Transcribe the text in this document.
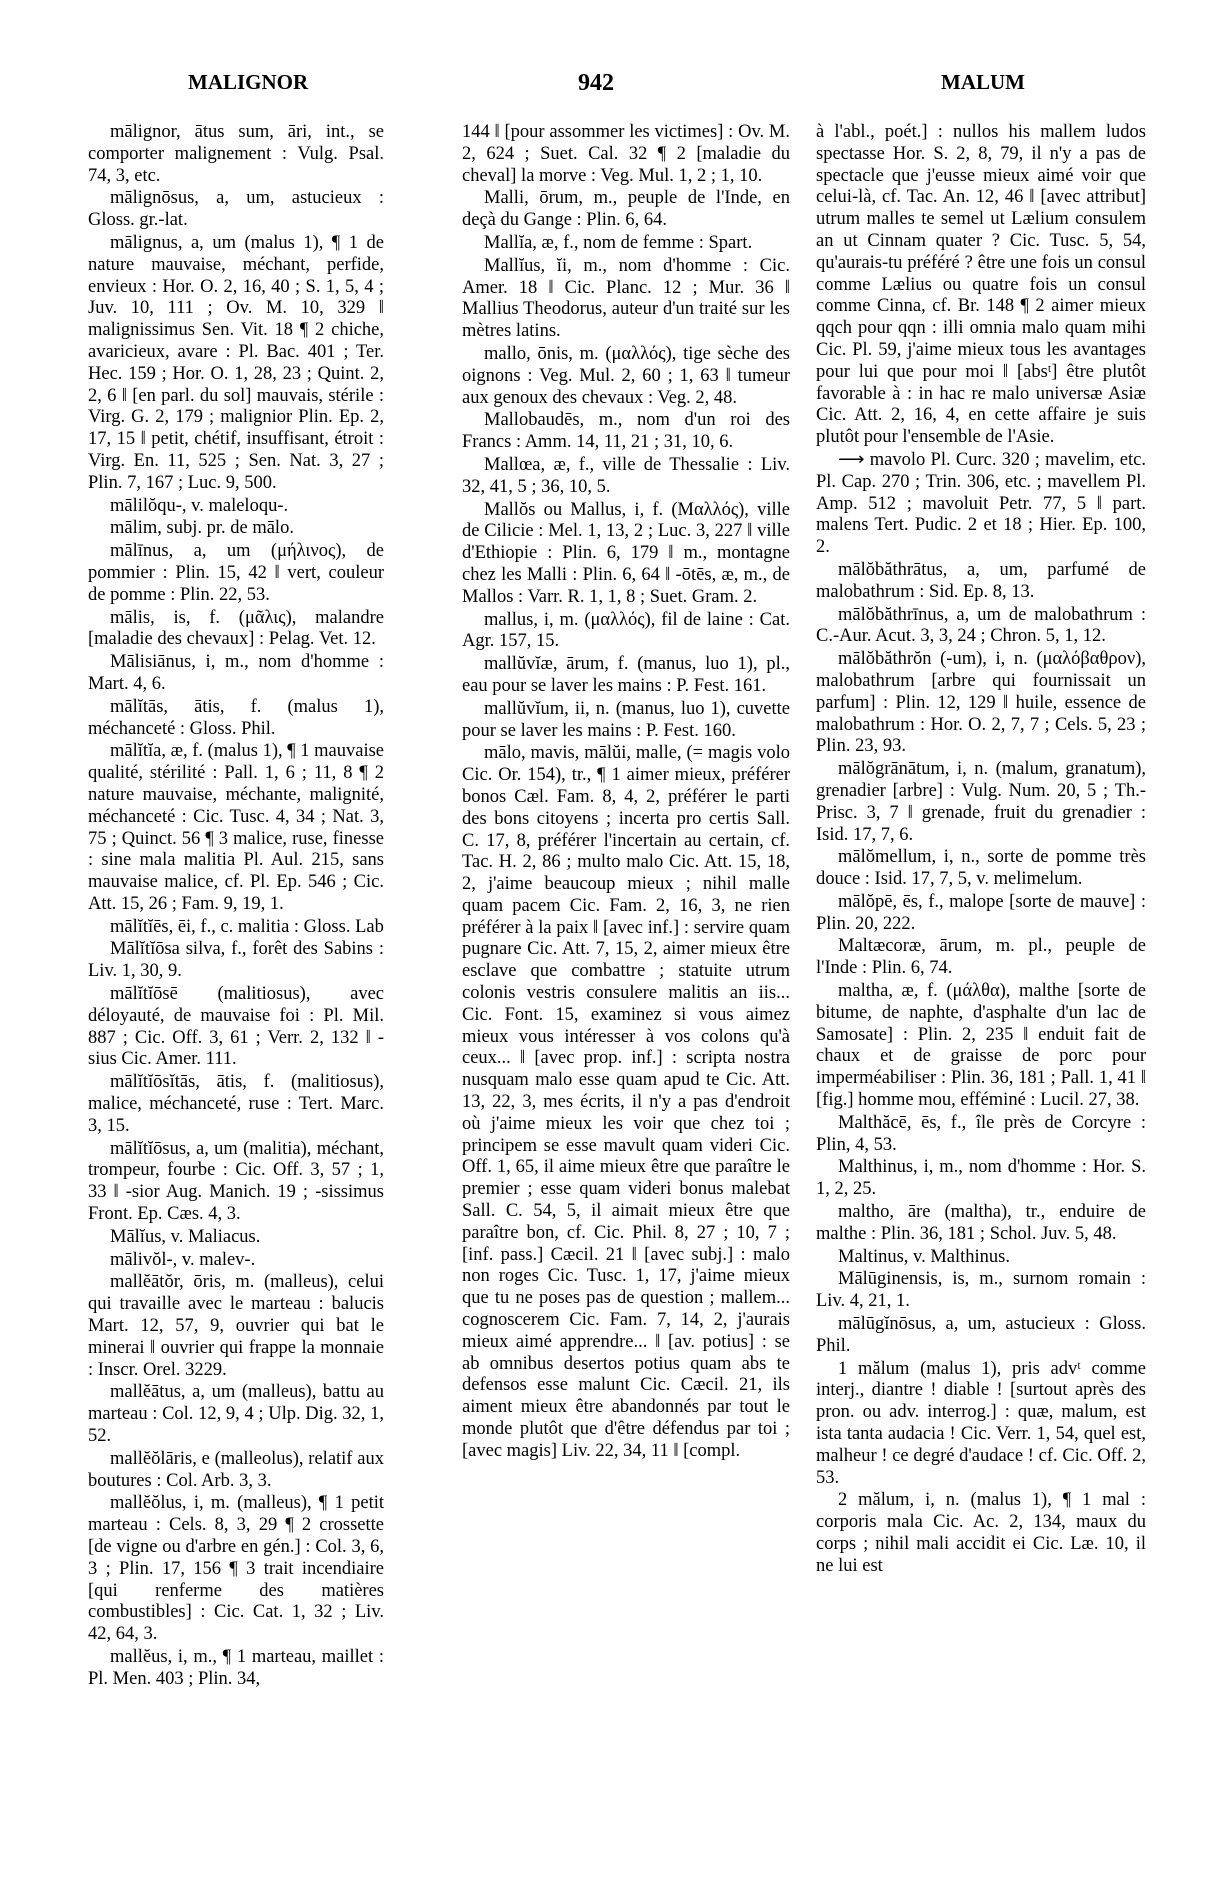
MALIGNOR	942	MALUM

mālignor, ātus sum, āri, int., se comporter malignement : Vulg. Psal. 74, 3, etc.

mālignōsus, a, um, astucieux : Gloss. gr.-lat.

mālignus, a, um (malus 1), ¶ 1 de nature mauvaise, méchant, perfide, envieux : Hor. O. 2, 16, 40 ; S. 1, 5, 4 ; Juv. 10, 111 ; Ov. M. 10, 329 ‖ malignissimus Sen. Vit. 18 ¶ 2 chiche, avaricieux, avare : Pl. Bac. 401 ; Ter. Hec. 159 ; Hor. O. 1, 28, 23 ; Quint. 2, 2, 6 ‖ [en parl. du sol] mauvais, stérile : Virg. G. 2, 179 ; malignior Plin. Ep. 2, 17, 15 ‖ petit, chétif, insuffisant, étroit : Virg. En. 11, 525 ; Sen. Nat. 3, 27 ; Plin. 7, 167 ; Luc. 9, 500.

mālilŏqu-, v. maleloqu-.

mālim, subj. pr. de mālo.

mālīnus, a, um (μήλινος), de pommier : Plin. 15, 42 ‖ vert, couleur de pomme : Plin. 22, 53.

mālis, is, f. (μᾶλις), malandre [maladie des chevaux] : Pelag. Vet. 12.

Mālisiānus, i, m., nom d'homme : Mart. 4, 6.

mālĭtās, ātis, f. (malus 1), méchanceté : Gloss. Phil.

mālĭtĭa, æ, f. (malus 1), ¶ 1 mauvaise qualité, stérilité : Pall. 1, 6 ; 11, 8 ¶ 2 nature mauvaise, méchante, malignité, méchanceté : Cic. Tusc. 4, 34 ; Nat. 3, 75 ; Quinct. 56 ¶ 3 malice, ruse, finesse : sine mala malitia Pl. Aul. 215, sans mauvaise malice, cf. Pl. Ep. 546 ; Cic. Att. 15, 26 ; Fam. 9, 19, 1.

mālĭtĭēs, ēi, f., c. malitia : Gloss. Lab

Mālĭtĭōsa silva, f., forêt des Sabins : Liv. 1, 30, 9.

mālĭtĭōsē (malitiosus), avec déloyauté, de mauvaise foi : Pl. Mil. 887 ; Cic. Off. 3, 61 ; Verr. 2, 132 ‖ -sius Cic. Amer. 111.

mālĭtĭōsĭtās, ātis, f. (malitiosus), malice, méchanceté, ruse : Tert. Marc. 3, 15.

mālĭtĭōsus, a, um (malitia), méchant, trompeur, fourbe : Cic. Off. 3, 57 ; 1, 33 ‖ -sior Aug. Manich. 19 ; -sissimus Front. Ep. Cæs. 4, 3.

Mālĭus, v. Maliacus.

mālivŏl-, v. malev-.

mallĕātŏr, ōris, m. (malleus), celui qui travaille avec le marteau : balucis Mart. 12, 57, 9, ouvrier qui bat le minerai ‖ ouvrier qui frappe la monnaie : Inscr. Orel. 3229.

mallĕātus, a, um (malleus), battu au marteau : Col. 12, 9, 4 ; Ulp. Dig. 32, 1, 52.

mallĕŏlāris, e (malleolus), relatif aux boutures : Col. Arb. 3, 3.

mallĕŏlus, i, m. (malleus), ¶ 1 petit marteau : Cels. 8, 3, 29 ¶ 2 crossette [de vigne ou d'arbre en gén.] : Col. 3, 6, 3 ; Plin. 17, 156 ¶ 3 trait incendiaire [qui renferme des matières combustibles] : Cic. Cat. 1, 32 ; Liv. 42, 64, 3.

mallĕus, i, m., ¶ 1 marteau, maillet : Pl. Men. 403 ; Plin. 34,

144 ‖ [pour assommer les victimes] : Ov. M. 2, 624 ; Suet. Cal. 32 ¶ 2 [maladie du cheval] la morve : Veg. Mul. 1, 2 ; 1, 10.

Malli, ōrum, m., peuple de l'Inde, en deçà du Gange : Plin. 6, 64.

Mallĭa, æ, f., nom de femme : Spart.

Mallĭus, ĭi, m., nom d'homme : Cic. Amer. 18 ‖ Cic. Planc. 12 ; Mur. 36 ‖ Mallius Theodorus, auteur d'un traité sur les mètres latins.

mallo, ōnis, m. (μαλλός), tige sèche des oignons : Veg. Mul. 2, 60 ; 1, 63 ‖ tumeur aux genoux des chevaux : Veg. 2, 48.

Mallobaudēs, m., nom d'un roi des Francs : Amm. 14, 11, 21 ; 31, 10, 6.

Mallœa, æ, f., ville de Thessalie : Liv. 32, 41, 5 ; 36, 10, 5.

Mallŏs ou Mallus, i, f. (Μαλλός), ville de Cilicie : Mel. 1, 13, 2 ; Luc. 3, 227 ‖ ville d'Ethiopie : Plin. 6, 179 ‖ m., montagne chez les Malli : Plin. 6, 64 ‖ -ōtēs, æ, m., de Mallos : Varr. R. 1, 1, 8 ; Suet. Gram. 2.

mallus, i, m. (μαλλός), fil de laine : Cat. Agr. 157, 15.

mallŭvĭæ, ārum, f. (manus, luo 1), pl., eau pour se laver les mains : P. Fest. 161.

mallŭvĭum, ii, n. (manus, luo 1), cuvette pour se laver les mains : P. Fest. 160.

mālo, mavis, mālŭi, malle, (= magis volo Cic. Or. 154), tr., ¶ 1 aimer mieux, préférer bonos Cæl. Fam. 8, 4, 2, préférer le parti des bons citoyens ; incerta pro certis Sall. C. 17, 8, préférer l'incertain au certain, cf. Tac. H. 2, 86 ; multo malo Cic. Att. 15, 18, 2, j'aime beaucoup mieux ; nihil malle quam pacem Cic. Fam. 2, 16, 3, ne rien préférer à la paix ‖ [avec inf.] : servire quam pugnare Cic. Att. 7, 15, 2, aimer mieux être esclave que combattre ; statuite utrum colonis vestris consulere malitis an iis... Cic. Font. 15, examinez si vous aimez mieux vous intéresser à vos colons qu'à ceux... ‖ [avec prop. inf.] : scripta nostra nusquam malo esse quam apud te Cic. Att. 13, 22, 3, mes écrits, il n'y a pas d'endroit où j'aime mieux les voir que chez toi ; principem se esse mavult quam videri Cic. Off. 1, 65, il aime mieux être que paraître le premier ; esse quam videri bonus malebat Sall. C. 54, 5, il aimait mieux être que paraître bon, cf. Cic. Phil. 8, 27 ; 10, 7 ; [inf. pass.] Cæcil. 21 ‖ [avec subj.] : malo non roges Cic. Tusc. 1, 17, j'aime mieux que tu ne poses pas de question ; mallem... cognoscerem Cic. Fam. 7, 14, 2, j'aurais mieux aimé apprendre... ‖ [av. potius] : se ab omnibus desertos potius quam abs te defensos esse malunt Cic. Cæcil. 21, ils aiment mieux être abandonnés par tout le monde plutôt que d'être défendus par toi ; [avec magis] Liv. 22, 34, 11 ‖ [compl.

à l'abl., poét.] : nullos his mallem ludos spectasse Hor. S. 2, 8, 79, il n'y a pas de spectacle que j'eusse mieux aimé voir que celui-là, cf. Tac. An. 12, 46 ‖ [avec attribut] utrum malles te semel ut Lælium consulem an ut Cinnam quater ? Cic. Tusc. 5, 54, qu'aurais-tu préféré ? être une fois un consul comme Lælius ou quatre fois un consul comme Cinna, cf. Br. 148 ¶ 2 aimer mieux qqch pour qqn : illi omnia malo quam mihi Cic. Pl. 59, j'aime mieux tous les avantages pour lui que pour moi ‖ [absᵗ] être plutôt favorable à : in hac re malo universæ Asiæ Cic. Att. 2, 16, 4, en cette affaire je suis plutôt pour l'ensemble de l'Asie.

⟶ mavolo Pl. Curc. 320 ; mavelim, etc. Pl. Cap. 270 ; Trin. 306, etc. ; mavellem Pl. Amp. 512 ; mavoluit Petr. 77, 5 ‖ part. malens Tert. Pudic. 2 et 18 ; Hier. Ep. 100, 2.

mālŏbăthrātus, a, um, parfumé de malobathrum : Sid. Ep. 8, 13.

mālŏbăthrīnus, a, um de malobathrum : C.-Aur. Acut. 3, 3, 24 ; Chron. 5, 1, 12.

mālŏbăthrŏn (-um), i, n. (μαλόβαθρον), malobathrum [arbre qui fournissait un parfum] : Plin. 12, 129 ‖ huile, essence de malobathrum : Hor. O. 2, 7, 7 ; Cels. 5, 23 ; Plin. 23, 93.

mālŏgrānātum, i, n. (malum, granatum), grenadier [arbre] : Vulg. Num. 20, 5 ; Th.-Prisc. 3, 7 ‖ grenade, fruit du grenadier : Isid. 17, 7, 6.

mālŏmellum, i, n., sorte de pomme très douce : Isid. 17, 7, 5, v. melimelum.

mālŏpē, ēs, f., malope [sorte de mauve] : Plin. 20, 222.

Maltæcoræ, ārum, m. pl., peuple de l'Inde : Plin. 6, 74.

maltha, æ, f. (μάλθα), malthe [sorte de bitume, de naphte, d'asphalte d'un lac de Samosate] : Plin. 2, 235 ‖ enduit fait de chaux et de graisse de porc pour imperméabiliser : Plin. 36, 181 ; Pall. 1, 41 ‖ [fig.] homme mou, efféminé : Lucil. 27, 38.

Malthăcē, ēs, f., île près de Corcyre : Plin, 4, 53.

Malthinus, i, m., nom d'homme : Hor. S. 1, 2, 25.

maltho, āre (maltha), tr., enduire de malthe : Plin. 36, 181 ; Schol. Juv. 5, 48.

Maltinus, v. Malthinus.

Mālūginensis, is, m., surnom romain : Liv. 4, 21, 1.

mālūgĭnōsus, a, um, astucieux : Gloss. Phil.

1 mălum (malus 1), pris advᵗ comme interj., diantre ! diable ! [surtout après des pron. ou adv. interrog.] : quæ, malum, est ista tanta audacia ! Cic. Verr. 1, 54, quel est, malheur ! ce degré d'audace ! cf. Cic. Off. 2, 53.

2 mălum, i, n. (malus 1), ¶ 1 mal : corporis mala Cic. Ac. 2, 134, maux du corps ; nihil mali accidit ei Cic. Læ. 10, il ne lui est
